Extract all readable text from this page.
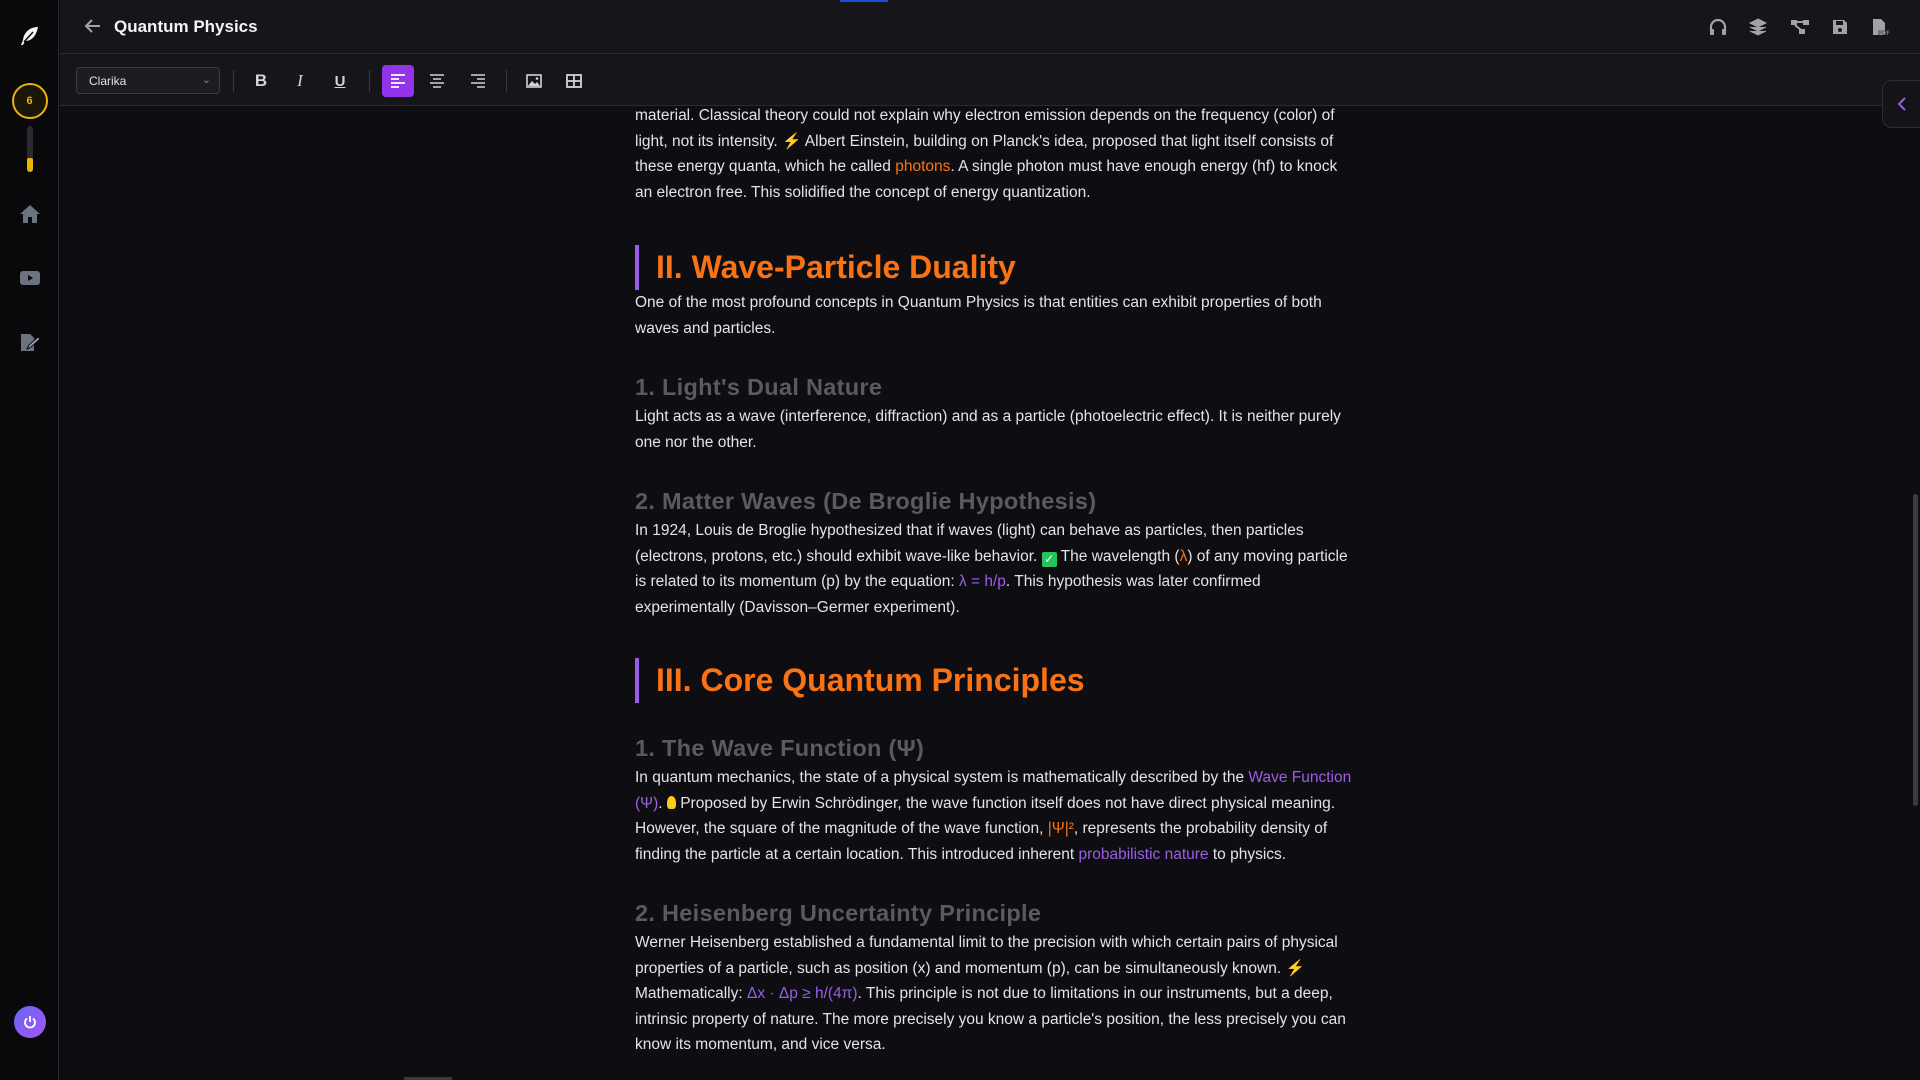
6
Quantum Physics	PDF
Clarika	⌄	B	I	U

material. Classical theory could not explain why electron emission depends on the frequency (color) of light, not its intensity. ⚡ Albert Einstein, building on Planck's idea, proposed that light itself consists of these energy quanta, which he called photons. A single photon must have enough energy (hf) to knock an electron free. This solidified the concept of energy quantization.

II. Wave-Particle Duality

One of the most profound concepts in Quantum Physics is that entities can exhibit properties of both waves and particles.

1. Light's Dual Nature

Light acts as a wave (interference, diffraction) and as a particle (photoelectric effect). It is neither purely one nor the other.

2. Matter Waves (De Broglie Hypothesis)

In 1924, Louis de Broglie hypothesized that if waves (light) can behave as particles, then particles (electrons, protons, etc.) should exhibit wave-like behavior. ✓ The wavelength (λ) of any moving particle is related to its momentum (p) by the equation: λ = h/p. This hypothesis was later confirmed experimentally (Davisson–Germer experiment).

III. Core Quantum Principles
1. The Wave Function (Ψ)

In quantum mechanics, the state of a physical system is mathematically described by the Wave Function (Ψ).  Proposed by Erwin Schrödinger, the wave function itself does not have direct physical meaning. However, the square of the magnitude of the wave function, |Ψ|², represents the probability density of finding the particle at a certain location. This introduced inherent probabilistic nature to physics.

2. Heisenberg Uncertainty Principle

Werner Heisenberg established a fundamental limit to the precision with which certain pairs of physical properties of a particle, such as position (x) and momentum (p), can be simultaneously known. ⚡ Mathematically: Δx · Δp ≥ h/(4π). This principle is not due to limitations in our instruments, but a deep, intrinsic property of nature. The more precisely you know a particle's position, the less precisely you can know its momentum, and vice versa.
